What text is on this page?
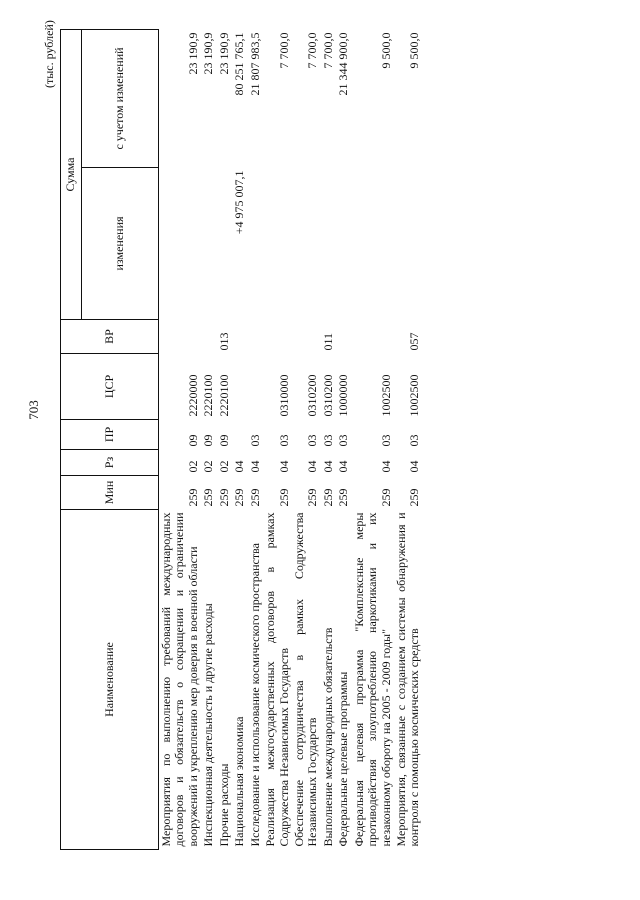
703
(тыс. рублей)
Наименование	Мин	Рз	ПР	ЦСР	ВР	Сумма	
						изменения	с учетом изменений
Мероприятия по выполнению требований международных договоров и обязательств о сокращении и ограничении вооружений и укреплению мер доверия в военной области	259	02	09	2220000			23 190,9
Инспекционная деятельность и другие расходы	259	02	09	2220100			23 190,9
Прочие расходы	259	02	09	2220100	013		23 190,9
Национальная экономика	259	04				+4 975 007,1	80 251 765,1
Исследование и использование космического пространства	259	04	03				21 807 983,5
Реализация межгосударственных договоров в рамках Содружества Независимых Государств	259	04	03	0310000			7 700,0
Обеспечение сотрудничества в рамках Содружества Независимых Государств	259	04	03	0310200			7 700,0
Выполнение международных обязательств	259	04	03	0310200	011		7 700,0
Федеральные целевые программы	259	04	03	1000000			21 344 900,0
Федеральная целевая программа "Комплексные меры противодействия злоупотреблению наркотиками и их незаконному обороту на 2005 - 2009 годы"	259	04	03	1002500			9 500,0
Мероприятия, связанные с созданием системы обнаружения и контроля с помощью космических средств	259	04	03	1002500	057		9 500,0
